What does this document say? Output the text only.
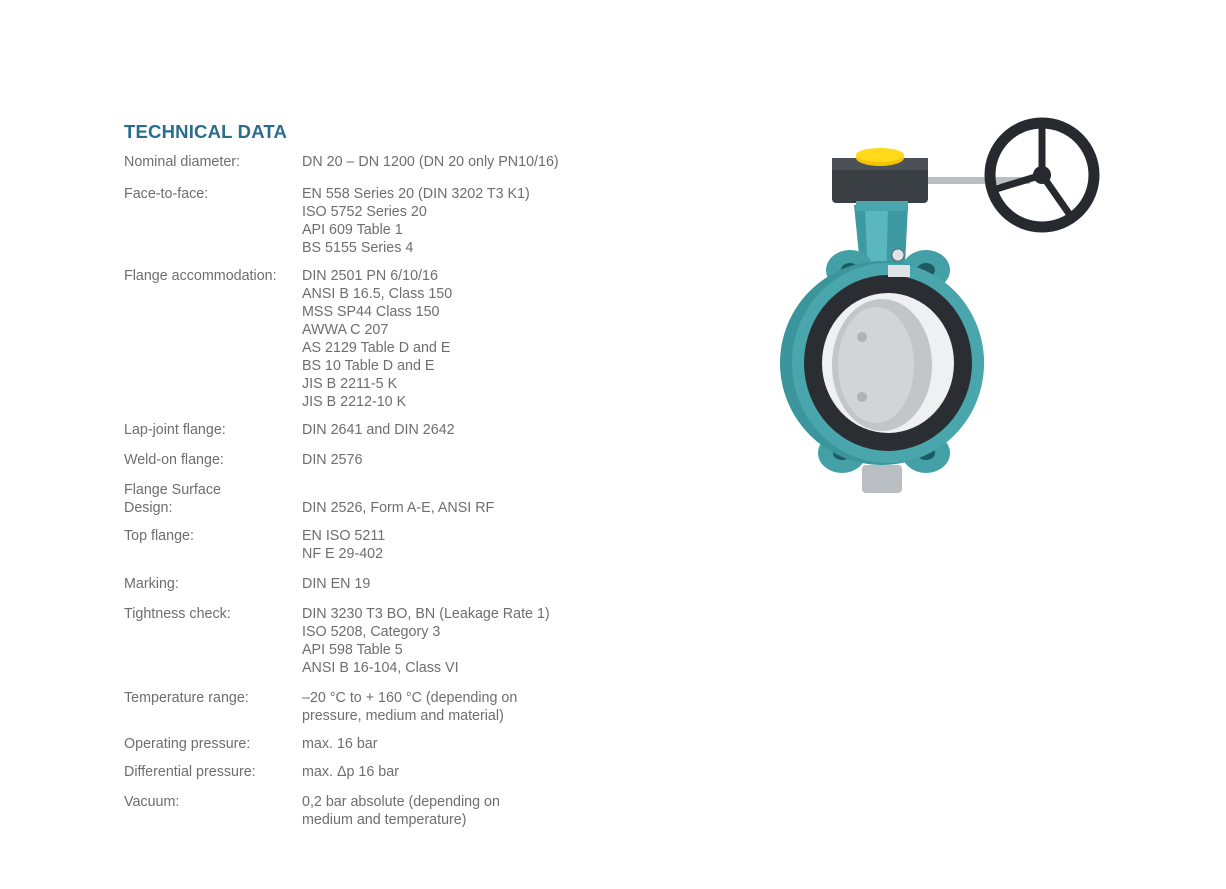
TECHNICAL DATA
Nominal diameter:	DN 20 – DN 1200 (DN 20 only PN10/16)
Face-to-face:	EN 558 Series 20 (DIN 3202 T3 K1)
ISO 5752 Series 20
API 609 Table 1
BS 5155 Series 4
Flange accommodation:	DIN 2501 PN 6/10/16
ANSI B 16.5, Class 150
MSS SP44 Class 150
AWWA C 207
AS 2129 Table D and E
BS 10 Table D and E
JIS B 2211-5 K
JIS B 2212-10 K
Lap-joint flange:	DIN 2641 and DIN 2642
Weld-on flange:	DIN 2576
Flange Surface
Design:
	DIN 2526, Form A-E, ANSI RF
Top flange:	EN ISO 5211
NF E 29-402
Marking:	DIN EN 19
Tightness check:	DIN 3230 T3 BO, BN (Leakage Rate 1)
ISO 5208, Category 3
API 598 Table 5
ANSI B 16-104, Class VI
Temperature range:	–20 °C to + 160 °C (depending on
pressure, medium and material)
Operating pressure:	max. 16 bar
Differential pressure:	max. Δp 16 bar
Vacuum:	0,2 bar absolute (depending on
medium and temperature)
